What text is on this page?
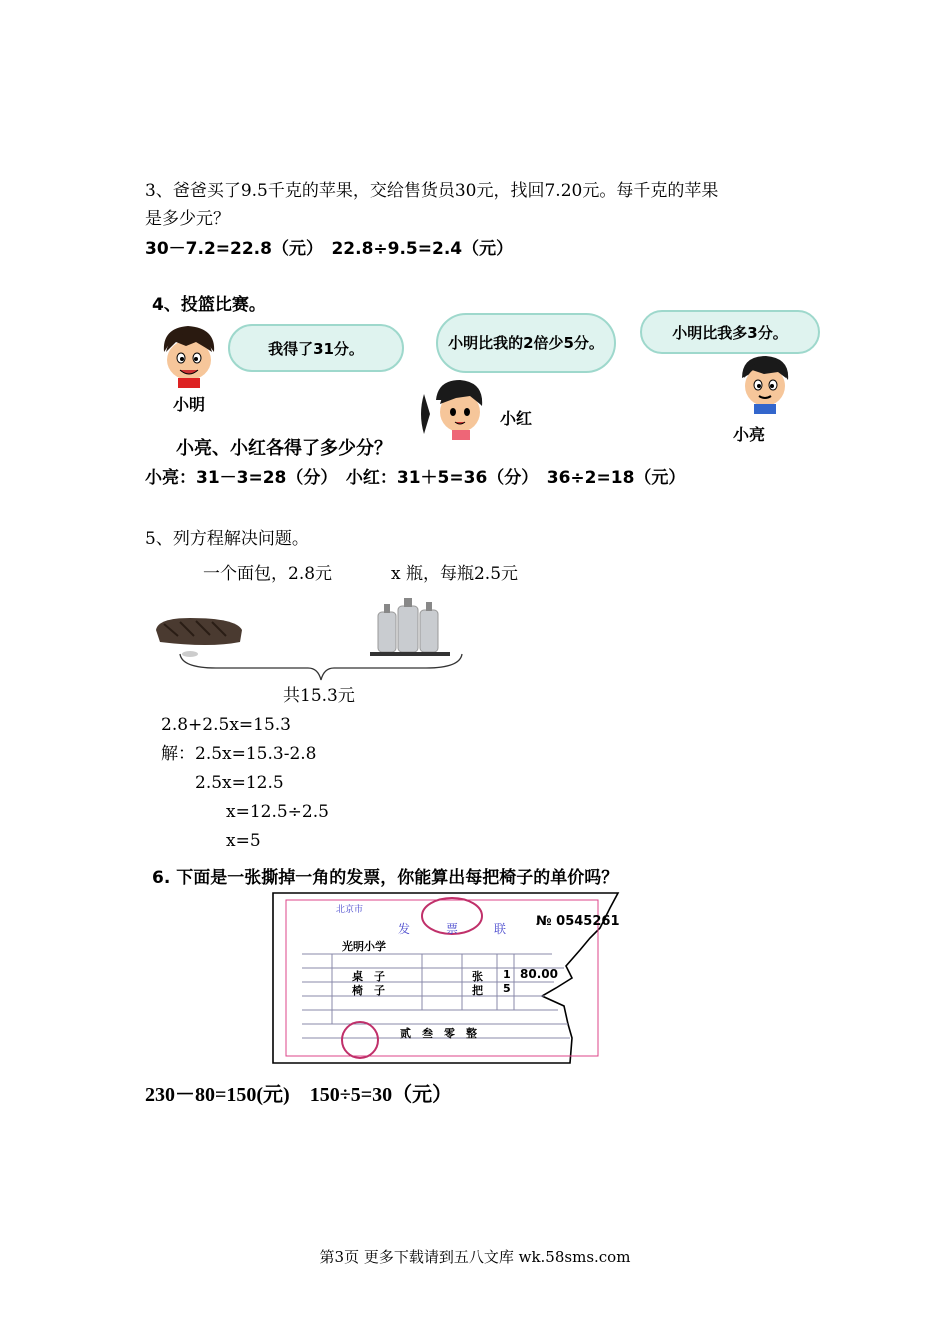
3、爸爸买了9.5千克的苹果，交给售货员30元，找回7.20元。每千克的苹果
是多少元？
30－7.2=22.8（元）　22.8÷9.5=2.4（元）
4、投篮比赛。
我得了31分。	小明比我的2倍少5分。
小明比我多3分。
小明
小红
小亮
小亮、小红各得了多少分？
小亮：31－3=28（分）　小红：31＋5=36（分）　36÷2=18（元）
5、列方程解决问题。
一个面包，2.8元	x 瓶，每瓶2.5元
共15.3元
2.8+2.5x=15.3
解：2.5x=15.3-2.8
2.5x=12.5
x=12.5÷2.5
x=5
6. 下面是一张撕掉一角的发票，你能算出每把椅子的单价吗？
北京市
№ 0545261
发	票	联
光明小学
桌　子	张 1 80.00
椅　子	把 5
贰　叁　零　整
230－80=150(元)　150÷5=30（元）
第3页 更多下载请到五八文库 wk.58sms.com
